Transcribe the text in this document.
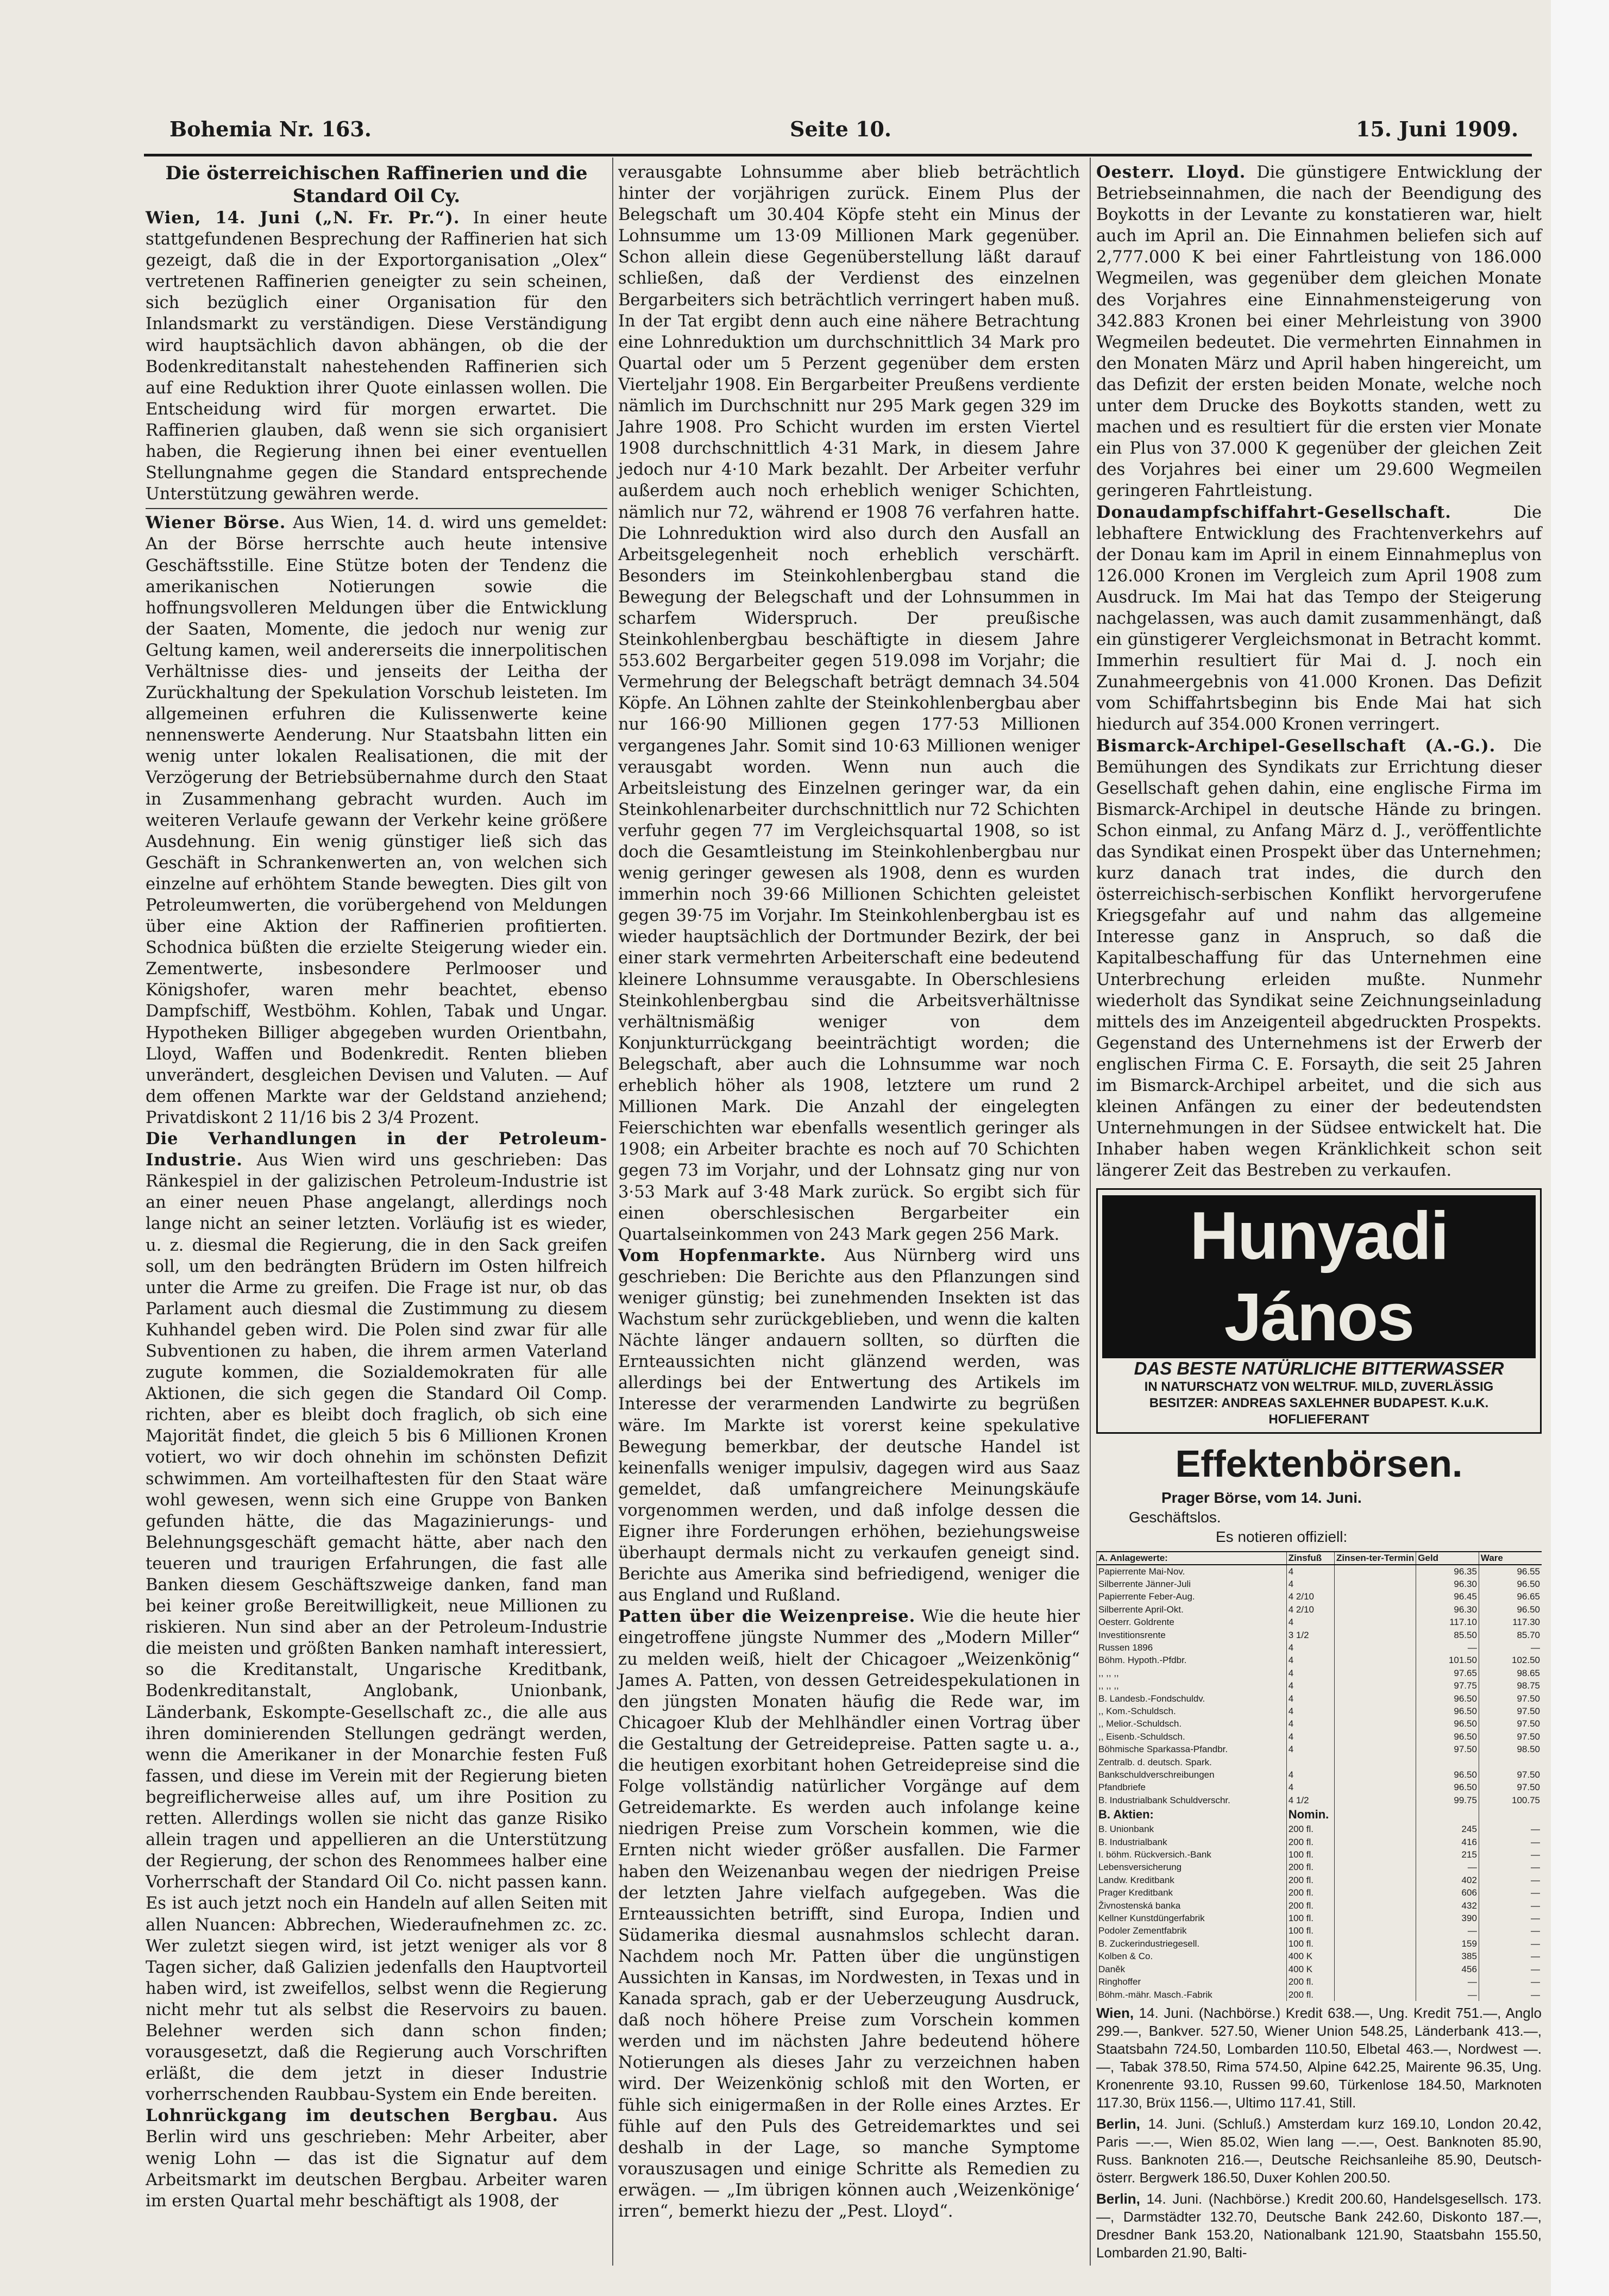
Bohemia Nr. 163.	Seite 10.	15. Juni 1909.

Die österreichischen Raffinerien und die Standard Oil Cy.

Wien, 14. Juni („N. Fr. Pr.“). In einer heute stattgefundenen Besprechung der Raffinerien hat sich gezeigt, daß die in der Exportorganisation „Olex“ vertretenen Raffinerien geneigter zu sein scheinen, sich bezüglich einer Organisation für den Inlandsmarkt zu verständigen. Diese Verständigung wird hauptsächlich davon abhängen, ob die der Bodenkreditanstalt nahestehenden Raffinerien sich auf eine Reduktion ihrer Quote einlassen wollen. Die Entscheidung wird für morgen erwartet. Die Raffinerien glauben, daß wenn sie sich organisiert haben, die Regierung ihnen bei einer eventuellen Stellungnahme gegen die Standard entsprechende Unterstützung gewähren werde.

Wiener Börse. Aus Wien, 14. d. wird uns gemeldet: An der Börse herrschte auch heute intensive Geschäftsstille. Eine Stütze boten der Tendenz die amerikanischen Notierungen sowie die hoffnungsvolleren Meldungen über die Entwicklung der Saaten, Momente, die jedoch nur wenig zur Geltung kamen, weil andererseits die innerpolitischen Verhältnisse dies- und jenseits der Leitha der Zurückhaltung der Spekulation Vorschub leisteten. Im allgemeinen erfuhren die Kulissenwerte keine nennenswerte Aenderung. Nur Staatsbahn litten ein wenig unter lokalen Realisationen, die mit der Verzögerung der Betriebsübernahme durch den Staat in Zusammenhang gebracht wurden. Auch im weiteren Verlaufe gewann der Verkehr keine größere Ausdehnung. Ein wenig günstiger ließ sich das Geschäft in Schrankenwerten an, von welchen sich einzelne auf erhöhtem Stande bewegten. Dies gilt von Petroleumwerten, die vorübergehend von Meldungen über eine Aktion der Raffinerien profitierten. Schodnica büßten die erzielte Steigerung wieder ein. Zementwerte, insbesondere Perlmooser und Königshofer, waren mehr beachtet, ebenso Dampfschiff, Westböhm. Kohlen, Tabak und Ungar. Hypotheken Billiger abgegeben wurden Orientbahn, Lloyd, Waffen und Bodenkredit. Renten blieben unverändert, desgleichen Devisen und Valuten. — Auf dem offenen Markte war der Geldstand anziehend; Privatdiskont 2 11/16 bis 2 3/4 Prozent.

Die Verhandlungen in der Petroleum-Industrie. Aus Wien wird uns geschrieben: Das Ränkespiel in der galizischen Petroleum-Industrie ist an einer neuen Phase angelangt, allerdings noch lange nicht an seiner letzten. Vorläufig ist es wieder, u. z. diesmal die Regierung, die in den Sack greifen soll, um den bedrängten Brüdern im Osten hilfreich unter die Arme zu greifen. Die Frage ist nur, ob das Parlament auch diesmal die Zustimmung zu diesem Kuhhandel geben wird. Die Polen sind zwar für alle Subventionen zu haben, die ihrem armen Vaterland zugute kommen, die Sozialdemokraten für alle Aktionen, die sich gegen die Standard Oil Comp. richten, aber es bleibt doch fraglich, ob sich eine Majorität findet, die gleich 5 bis 6 Millionen Kronen votiert, wo wir doch ohnehin im schönsten Defizit schwimmen. Am vorteilhaftesten für den Staat wäre wohl gewesen, wenn sich eine Gruppe von Banken gefunden hätte, die das Magazinierungs- und Belehnungsgeschäft gemacht hätte, aber nach den teueren und traurigen Erfahrungen, die fast alle Banken diesem Geschäftszweige danken, fand man bei keiner große Bereitwilligkeit, neue Millionen zu riskieren. Nun sind aber an der Petroleum-Industrie die meisten und größten Banken namhaft interessiert, so die Kreditanstalt, Ungarische Kreditbank, Bodenkreditanstalt, Anglobank, Unionbank, Länderbank, Eskompte-Gesellschaft zc., die alle aus ihren dominierenden Stellungen gedrängt werden, wenn die Amerikaner in der Monarchie festen Fuß fassen, und diese im Verein mit der Regierung bieten begreiflicherweise alles auf, um ihre Position zu retten. Allerdings wollen sie nicht das ganze Risiko allein tragen und appellieren an die Unterstützung der Regierung, der schon des Renommees halber eine Vorherrschaft der Standard Oil Co. nicht passen kann. Es ist auch jetzt noch ein Handeln auf allen Seiten mit allen Nuancen: Abbrechen, Wiederaufnehmen zc. zc. Wer zuletzt siegen wird, ist jetzt weniger als vor 8 Tagen sicher, daß Galizien jedenfalls den Hauptvorteil haben wird, ist zweifellos, selbst wenn die Regierung nicht mehr tut als selbst die Reservoirs zu bauen. Belehner werden sich dann schon finden; vorausgesetzt, daß die Regierung auch Vorschriften erläßt, die dem jetzt in dieser Industrie vorherrschenden Raubbau-System ein Ende bereiten.

Lohnrückgang im deutschen Bergbau. Aus Berlin wird uns geschrieben: Mehr Arbeiter, aber wenig Lohn — das ist die Signatur auf dem Arbeitsmarkt im deutschen Bergbau. Arbeiter waren im ersten Quartal mehr beschäftigt als 1908, der

verausgabte Lohnsumme aber blieb beträchtlich hinter der vorjährigen zurück. Einem Plus der Belegschaft um 30.404 Köpfe steht ein Minus der Lohnsumme um 13·09 Millionen Mark gegenüber. Schon allein diese Gegenüberstellung läßt darauf schließen, daß der Verdienst des einzelnen Bergarbeiters sich beträchtlich verringert haben muß. In der Tat ergibt denn auch eine nähere Betrachtung eine Lohnreduktion um durchschnittlich 34 Mark pro Quartal oder um 5 Perzent gegenüber dem ersten Vierteljahr 1908. Ein Bergarbeiter Preußens verdiente nämlich im Durchschnitt nur 295 Mark gegen 329 im Jahre 1908. Pro Schicht wurden im ersten Viertel 1908 durchschnittlich 4·31 Mark, in diesem Jahre jedoch nur 4·10 Mark bezahlt. Der Arbeiter verfuhr außerdem auch noch erheblich weniger Schichten, nämlich nur 72, während er 1908 76 verfahren hatte. Die Lohnreduktion wird also durch den Ausfall an Arbeitsgelegenheit noch erheblich verschärft. Besonders im Steinkohlenbergbau stand die Bewegung der Belegschaft und der Lohnsummen in scharfem Widerspruch. Der preußische Steinkohlenbergbau beschäftigte in diesem Jahre 553.602 Bergarbeiter gegen 519.098 im Vorjahr; die Vermehrung der Belegschaft beträgt demnach 34.504 Köpfe. An Löhnen zahlte der Steinkohlenbergbau aber nur 166·90 Millionen gegen 177·53 Millionen vergangenes Jahr. Somit sind 10·63 Millionen weniger verausgabt worden. Wenn nun auch die Arbeitsleistung des Einzelnen geringer war, da ein Steinkohlenarbeiter durchschnittlich nur 72 Schichten verfuhr gegen 77 im Vergleichsquartal 1908, so ist doch die Gesamtleistung im Steinkohlenbergbau nur wenig geringer gewesen als 1908, denn es wurden immerhin noch 39·66 Millionen Schichten geleistet gegen 39·75 im Vorjahr. Im Steinkohlenbergbau ist es wieder hauptsächlich der Dortmunder Bezirk, der bei einer stark vermehrten Arbeiterschaft eine bedeutend kleinere Lohnsumme verausgabte. In Oberschlesiens Steinkohlenbergbau sind die Arbeitsverhältnisse verhältnismäßig weniger von dem Konjunkturrückgang beeinträchtigt worden; die Belegschaft, aber auch die Lohnsumme war noch erheblich höher als 1908, letztere um rund 2 Millionen Mark. Die Anzahl der eingelegten Feierschichten war ebenfalls wesentlich geringer als 1908; ein Arbeiter brachte es noch auf 70 Schichten gegen 73 im Vorjahr, und der Lohnsatz ging nur von 3·53 Mark auf 3·48 Mark zurück. So ergibt sich für einen oberschlesischen Bergarbeiter ein Quartalseinkommen von 243 Mark gegen 256 Mark.

Vom Hopfenmarkte. Aus Nürnberg wird uns geschrieben: Die Berichte aus den Pflanzungen sind weniger günstig; bei zunehmenden Insekten ist das Wachstum sehr zurückgeblieben, und wenn die kalten Nächte länger andauern sollten, so dürften die Ernteaussichten nicht glänzend werden, was allerdings bei der Entwertung des Artikels im Interesse der verarmenden Landwirte zu begrüßen wäre. Im Markte ist vorerst keine spekulative Bewegung bemerkbar, der deutsche Handel ist keinenfalls weniger impulsiv, dagegen wird aus Saaz gemeldet, daß umfangreichere Meinungskäufe vorgenommen werden, und daß infolge dessen die Eigner ihre Forderungen erhöhen, beziehungsweise überhaupt dermals nicht zu verkaufen geneigt sind. Berichte aus Amerika sind befriedigend, weniger die aus England und Rußland.

Patten über die Weizenpreise. Wie die heute hier eingetroffene jüngste Nummer des „Modern Miller“ zu melden weiß, hielt der Chicagoer „Weizenkönig“ James A. Patten, von dessen Getreidespekulationen in den jüngsten Monaten häufig die Rede war, im Chicagoer Klub der Mehlhändler einen Vortrag über die Gestaltung der Getreidepreise. Patten sagte u. a., die heutigen exorbitant hohen Getreidepreise sind die Folge vollständig natürlicher Vorgänge auf dem Getreidemarkte. Es werden auch infolange keine niedrigen Preise zum Vorschein kommen, wie die Ernten nicht wieder größer ausfallen. Die Farmer haben den Weizenanbau wegen der niedrigen Preise der letzten Jahre vielfach aufgegeben. Was die Ernteaussichten betrifft, sind Europa, Indien und Südamerika diesmal ausnahmslos schlecht daran. Nachdem noch Mr. Patten über die ungünstigen Aussichten in Kansas, im Nordwesten, in Texas und in Kanada sprach, gab er der Ueberzeugung Ausdruck, daß noch höhere Preise zum Vorschein kommen werden und im nächsten Jahre bedeutend höhere Notierungen als dieses Jahr zu verzeichnen haben wird. Der Weizenkönig schloß mit den Worten, er fühle sich einigermaßen in der Rolle eines Arztes. Er fühle auf den Puls des Getreidemarktes und sei deshalb in der Lage, so manche Symptome vorauszusagen und einige Schritte als Remedien zu erwägen. — „Im übrigen können auch ‚Weizenkönige‘ irren“, bemerkt hiezu der „Pest. Lloyd“.

Oesterr. Lloyd. Die günstigere Entwicklung der Betriebseinnahmen, die nach der Beendigung des Boykotts in der Levante zu konstatieren war, hielt auch im April an. Die Einnahmen beliefen sich auf 2,777.000 K bei einer Fahrtleistung von 186.000 Wegmeilen, was gegenüber dem gleichen Monate des Vorjahres eine Einnahmensteigerung von 342.883 Kronen bei einer Mehrleistung von 3900 Wegmeilen bedeutet. Die vermehrten Einnahmen in den Monaten März und April haben hingereicht, um das Defizit der ersten beiden Monate, welche noch unter dem Drucke des Boykotts standen, wett zu machen und es resultiert für die ersten vier Monate ein Plus von 37.000 K gegenüber der gleichen Zeit des Vorjahres bei einer um 29.600 Wegmeilen geringeren Fahrtleistung.

Donaudampfschiffahrt-Gesellschaft.	Die lebhaftere Entwicklung des Frachtenverkehrs auf der Donau kam im April in einem Einnahmeplus von 126.000 Kronen im Vergleich zum April 1908 zum Ausdruck. Im Mai hat das Tempo der Steigerung nachgelassen, was auch damit zusammenhängt, daß ein günstigerer Vergleichsmonat in Betracht kommt. Immerhin resultiert für Mai d. J. noch ein Zunahmeergebnis von 41.000 Kronen. Das Defizit vom Schiffahrtsbeginn bis Ende Mai hat sich hiedurch auf 354.000 Kronen verringert.

Bismarck-Archipel-Gesellschaft (A.-G.). Die Bemühungen des Syndikats zur Errichtung dieser Gesellschaft gehen dahin, eine englische Firma im Bismarck-Archipel in deutsche Hände zu bringen. Schon einmal, zu Anfang März d. J., veröffentlichte das Syndikat einen Prospekt über das Unternehmen; kurz danach trat indes, die durch den österreichisch-serbischen Konflikt hervorgerufene Kriegsgefahr auf und nahm das allgemeine Interesse ganz in Anspruch, so daß die Kapitalbeschaffung für das Unternehmen eine Unterbrechung erleiden mußte. Nunmehr wiederholt das Syndikat seine Zeichnungseinladung mittels des im Anzeigenteil abgedruckten Prospekts. Gegenstand des Unternehmens ist der Erwerb der englischen Firma C. E. Forsayth, die seit 25 Jahren im Bismarck-Archipel arbeitet, und die sich aus kleinen Anfängen zu einer der bedeutendsten Unternehmungen in der Südsee entwickelt hat. Die Inhaber haben wegen Kränklichkeit schon seit längerer Zeit das Bestreben zu verkaufen.

Hunyadi János
DAS BESTE NATÜRLICHE BITTERWASSER
IN NATURSCHATZ VON WELTRUF. MILD, ZUVERLÄSSIG
BESITZER: ANDREAS SAXLEHNER BUDAPEST. K.u.K. HOFLIEFERANT
Effektenbörsen.
Prager Börse, vom 14. Juni.
Geschäftslos.
Es notieren offiziell:
A. Anlagewerte:	Zinsfuß	Zinsen-ter-Termin	Geld	Ware
Papierrente Mai-Nov.	4		96.35	96.55
Silberrente Jänner-Juli	4		96.30	96.50
Papierrente Feber-Aug.	4 2/10		96.45	96.65
Silberrente April-Okt.	4 2/10		96.30	96.50
Oesterr. Goldrente	4		117.10	117.30
Investitionsrente	3 1/2		85.50	85.70
Russen 1896	4		—	—
Böhm. Hypoth.-Pfdbr.	4		101.50	102.50
,, ,, ,,	4		97.65	98.65
,, ,, ,,	4		97.75	98.75
B. Landesb.-Fondschuldv.	4		96.50	97.50
,, Kom.-Schuldsch.	4		96.50	97.50
,, Melior.-Schuldsch.	4		96.50	97.50
,, Eisenb.-Schuldsch.	4		96.50	97.50
Böhmische Sparkassa-Pfandbr.	4		97.50	98.50
Zentralb. d. deutsch. Spark.				
Bankschuldverschreibungen	4		96.50	97.50
Pfandbriefe	4		96.50	97.50
B. Industrialbank Schuldverschr.	4 1/2		99.75	100.75
B. Aktien:	Nomin.			
B. Unionbank	200 fl.		245	—
B. Industrialbank	200 fl.		416	—
I. böhm. Rückversich.-Bank	100 fl.		215	—
Lebensversicherung	200 fl.		—	—
Landw. Kreditbank	200 fl.		402	—
Prager Kreditbank	200 fl.		606	—
Živnostenská banka	200 fl.		432	—
Kellner Kunstdüngerfabrik	100 fl.		390	—
Podoler Zementfabrik	100 fl.		—	—
B. Zuckerindustriegesell.	100 fl.		159	—
Kolben & Co.	400 K		385	—
Daněk	400 K		456	—
Ringhoffer	200 fl.		—	—
Böhm.-mähr. Masch.-Fabrik	200 fl.		—	—
Wien, 14. Juni. (Nachbörse.) Kredit 638.—, Ung. Kredit 751.—, Anglo 299.—, Bankver. 527.50, Wiener Union 548.25, Länderbank 413.—, Staatsbahn 724.50, Lombarden 110.50, Elbetal 463.—, Nordwest —.—, Tabak 378.50, Rima 574.50, Alpine 642.25, Mairente 96.35, Ung. Kronenrente 93.10, Russen 99.60, Türkenlose 184.50, Marknoten 117.30, Brüx 1156.—, Ultimo 117.41, Still.
Berlin, 14. Juni. (Schluß.) Amsterdam kurz 169.10, London 20.42, Paris —.—, Wien 85.02, Wien lang —.—, Oest. Banknoten 85.90, Russ. Banknoten 216.—, Deutsche Reichsanleihe 85.90, Deutsch-österr. Bergwerk 186.50, Duxer Kohlen 200.50.
Berlin, 14. Juni. (Nachbörse.) Kredit 200.60, Handelsgesellsch. 173.—, Darmstädter 132.70, Deutsche Bank 242.60, Diskonto 187.—, Dresdner Bank 153.20, Nationalbank 121.90, Staatsbahn 155.50, Lombarden 21.90, Balti-
